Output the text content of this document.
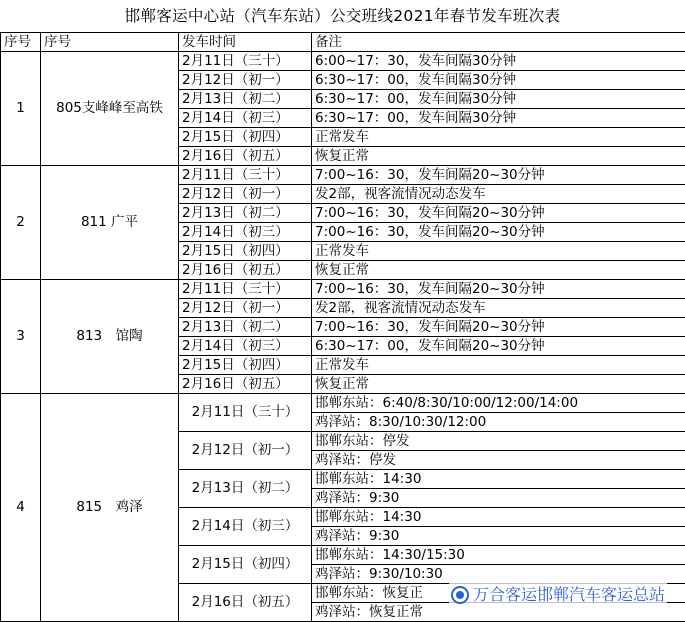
邯郸客运中心站（汽车东站）公交班线2021年春节发车班次表
序号	序号	发车时间	备注
1	805支峰峰至高铁	2月11日（三十）	6:00~17：30，发车间隔30分钟
		2月12日（初一）	6:30~17：00，发车间隔30分钟
		2月13日（初二）	6:30~17：00，发车间隔30分钟
		2月14日（初三）	6:30~17：00，发车间隔30分钟
		2月15日（初四）	正常发车
		2月16日（初五）	恢复正常
2	811 广平	2月11日（三十）	7:00~16：30，发车间隔20~30分钟
		2月12日（初一）	发2部，视客流情况动态发车
		2月13日（初二）	7:00~16：30，发车间隔20~30分钟
		2月14日（初三）	7:00~16：30，发车间隔20~30分钟
		2月15日（初四）	正常发车
		2月16日（初五）	恢复正常
3	813　馆陶	2月11日（三十）	7:00~16：30，发车间隔20~30分钟
		2月12日（初一）	发2部，视客流情况动态发车
		2月13日（初二）	7:00~16：30，发车间隔20~30分钟
		2月14日（初三）	6:30~17：00，发车间隔20~30分钟
		2月15日（初四）	正常发车
		2月16日（初五）	恢复正常
4	815　鸡泽	2月11日（三十）	邯郸东站：6:40/8:30/10:00/12:00/14:00
			鸡泽站：8:30/10:30/12:00
		2月12日（初一）	邯郸东站：停发
			鸡泽站：停发
		2月13日（初二）	邯郸东站：14:30
			鸡泽站：9:30
		2月14日（初三）	邯郸东站：14:30
			鸡泽站：9:30
		2月15日（初四）	邯郸东站：14:30/15:30
			鸡泽站：9:30/10:30
		2月16日（初五）	邯郸东站：恢复正
			鸡泽站：恢复正常
万合客运邯郸汽车客运总站
